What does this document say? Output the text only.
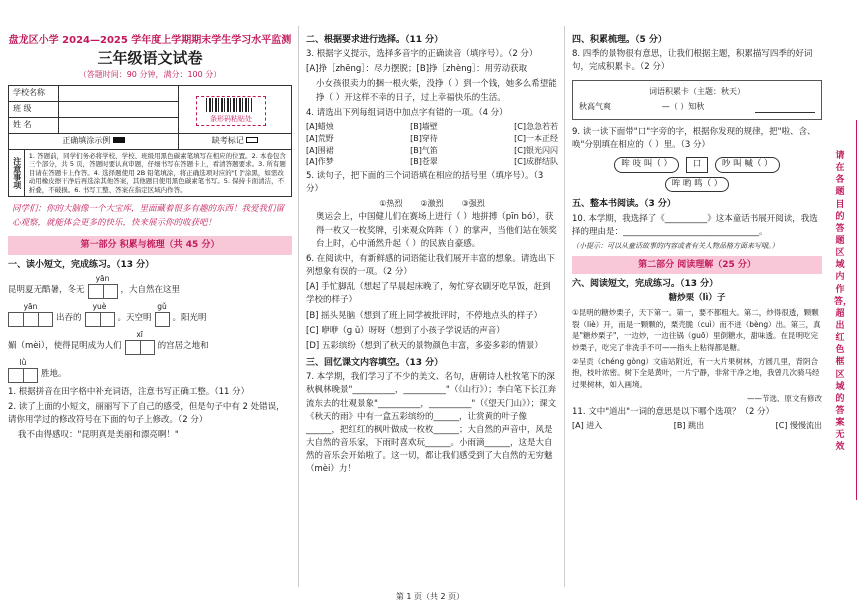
盘龙区小学 2024—2025 学年度上学期期末学生学习水平监测
三年级语文试卷
（答题时间：90 分钟，满分：100 分）
学校名称		
班 级		
姓 名		
正确填涂示例		缺考标记
注意事项
1. 答题前，同学们务必将学校、学校、班级用黑色碳素笔填写在相应的位置。2. 本卷包含三个部分，共 5 页，答题时要认真审题，仔细书写在答题卡上，看清答题要求。3. 所有题目请在答题卡上作答。4. 选择题使用 2B 铅笔填涂，将正确选项对应的"[ ]"涂黑，如需改动用橡皮擦干净后再选涂其他答案，其他题目使用黑色碳素笔书写。5. 保持卡面清洁，不折叠，不破损。6. 书写工整、答案在指定区域内作答。
同学们：你的大脑像一个大宝库，里面藏着很多有趣的东西！我爱我们留心观察，就能体会更多的快乐，快来展示你的收获吧！
第一部分 积累与梳理（共 45 分）
一、读小短文，完成练习。（13 分）
昆明夏无酷暑，冬无
yān
，大自然在这里
yān
出吞的
yuè
。天空明
gǔ
。阳光明
媚（mèi），使得昆明成为人们
xī
的宫居之地和
lǜ
胜地。
1. 根据拼音在田字格中补充词语，注意书写正确工整。（11 分）
2. 读了上面的小短文，丽丽写下了自己的感受，但是句子中有 2 处错误，请你用学过的修改符号在下面的句子上修改。（2 分）
我不由得感叹："昆明真是美丽和漂亮啊！"
条形码粘贴处
二、根据要求进行选择。（11 分）
3. 根据字义提示，选择多音字的正确读音（填序号）。（2 分）
[A]挣［zhēng］：尽力摆脱；[B]挣［zhèng］：用劳动获取
小女孩很卖力的捆一根火柴，没挣（ ）到一个钱，她多么希望能挣（ ）开这样不幸的日子，过上幸福快乐的生活。
4. 请选出下列每组词语中加点字有错的一项。（4 分）
[A]蜡烛	[B]墙壁	[C]急急若若
[A]荒野	[B]穿待	[C]一本正经
[A]围裙	[B]气笛	[C]银光闪闪
[A]作梦	[B]苍翠	[C]成群结队
5. 读句子，把下面的三个词语填在相应的括号里（填序号）。（3 分）
①热烈 ②激烈 ③强烈
奥运会上，中国健儿们在赛场上进行（ ）地拼搏（pīn bó），获得一枚又一枚奖牌，引来观众阵阵（ ）的掌声，当他们站在领奖台上时，心中涌然升起（ ）的民族自豪感。
6. 在阅读中，有新鲜感的词语能让我们展开丰富的想象。请选出下列想象有误的一项。（2 分）
[A] 手忙脚乱（想起了早晨起床晚了，匆忙穿衣刷牙吃早饭，赶到学校的样子）
[B] 摇头晃脑（想到了班上同学被批评时，不停地点头的样子）
[C] 咿咿（ɡ ǔ）呀呀（想到了小孩子学说话的声音）
[D] 五彩缤纷（想到了秋天的景物颜色丰富，多姿多彩的情景）
三、回忆课文内容填空。（13 分）
7. 本学期，我们学习了不少的美文、名句，唐朝诗人杜牧笔下的深秋枫林晚景"__________，__________"（《山行》）；李白笔下长江奔流东去的壮观景象"__________，__________"（《望天门山》）；课文《秋天的雨》中有一盒五彩缤纷的______，让赏黄的叶子像______，把红红的枫叶做成一枚枚______；大自然的声音中，风是大自然的音乐家，下雨时喜欢玩______。小雨滴______，这是大自然的音乐会开始啦了。这一切，都让我们感受到了大自然的无穷魅（mèi）力！
四、积累梳理。（5 分）
8. 四季的景物很有意思，让我们根据主题，积累描写四季的好词句，完成积累卡。（2 分）
词语积累卡（主题：秋天）
秋高气爽	—（ ）知秋
9. 读一读下面带"口"字旁的字，根据你发现的规律，把"啦、含、唤"分别填在相应的（ ）里。（3 分）
哞 吱 叫（ ） 口 吵 叫 喊（ ）
哞 哟 鸣（ ）
五、整本书阅读。（3 分）
10. 本学期，我选择了《__________》这本童话书展开阅读，我选择的理由是：________________________________。
（小提示：可以从童话故事的内容或者有关人物品格方面来写哦。）
第二部分 阅读理解（25 分）
六、阅读短文，完成练习。（13 分）
糖炒栗（lì）子
①昆明的糖炒栗子，天下第一。第一，要不都粗大。第二，炒得很透，颗颗裂（liè）开，而是一颗颗的，栗壳脆（cuì）而不迸（bèng）出。第三，真是"糖炒栗子"，一边炒，一边往锅（guō）里倒糖水，甜味透。在昆明吃完炒栗子，吃完了非洗手不可——指头上粘得都是糖。
②呈贡（chéng gòng）文庙站附近，有一大片果树林，方圆几里，背阴合抱，枝叶浓密。树下全是黄叶，一片宁静，非常干净之地，我曾几次骑马经过果树林，如入画境。
——节选、原文有修改
11. 文中"道出"一词的意思是以下哪个选项？（2 分）
[A] 进入	[B] 跳出	[C] 慢慢流出
请在各题目的答题区域内作答，超出红色框区域的答案无效
第 1 页（共 2 页）
